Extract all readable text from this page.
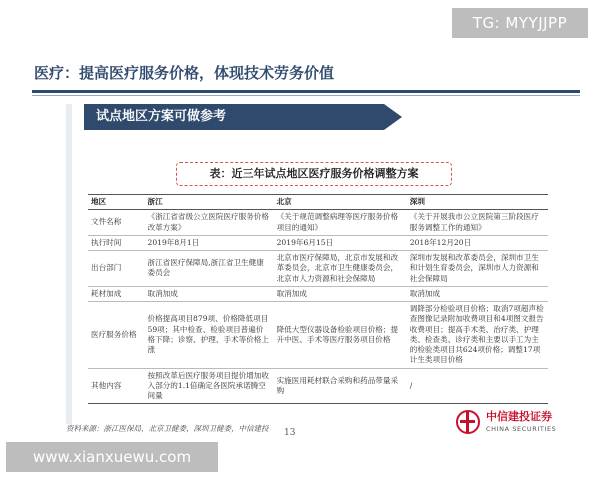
TG: MYYJJPP
医疗：提高医疗服务价格，体现技术劳务价值
试点地区方案可做参考
表：近三年试点地区医疗服务价格调整方案
地区	浙江	北京	深圳
文件名称	《浙江省省级公立医院医疗服务价格改革方案》	《关于规范调整病理等医疗服务价格项目的通知》	《关于开展我市公立医院第三阶段医疗服务调整工作的通知》
执行时间	2019年8月1日	2019年6月15日	2018年12月20日
出台部门	浙江省医疗保障局,浙江省卫生健康委员会	北京市医疗保障局，北京市发展和改革委员会，北京市卫生健康委员会，北京市人力资源和社会保障局	深圳市发展和改革委员会，深圳市卫生和计划生育委员会，深圳市人力资源和社会保障局
耗材加成	取消加成	取消加成	取消加成
医疗服务价格	价格提高项目879项、价格降低项目59项；其中检查、检验项目普遍价格下降；诊察、护理、手术等价格上涨	降低大型仪器设备检验项目价格；提升中医、手术等医疗服务项目价格	调降部分检验项目价格；取消7项超声检查图像记录附加收费项目和4项图文报告收费项目；提高手术类、治疗类、护理类、检查类、诊疗类和主要以手工为主的检验类项目共624项价格；调整17项计生类项目价格
其他内容	按照改革后医疗服务项目提价增加收入部分的1.1倍确定各医院承诺腾空间量	实施医用耗材联合采购和药品带量采购	/
资料来源：浙江医保局，北京卫健委，深圳卫健委，中信建投 13
中信建投证券
CHINA SECURITIES
www.xianxuewu.com
